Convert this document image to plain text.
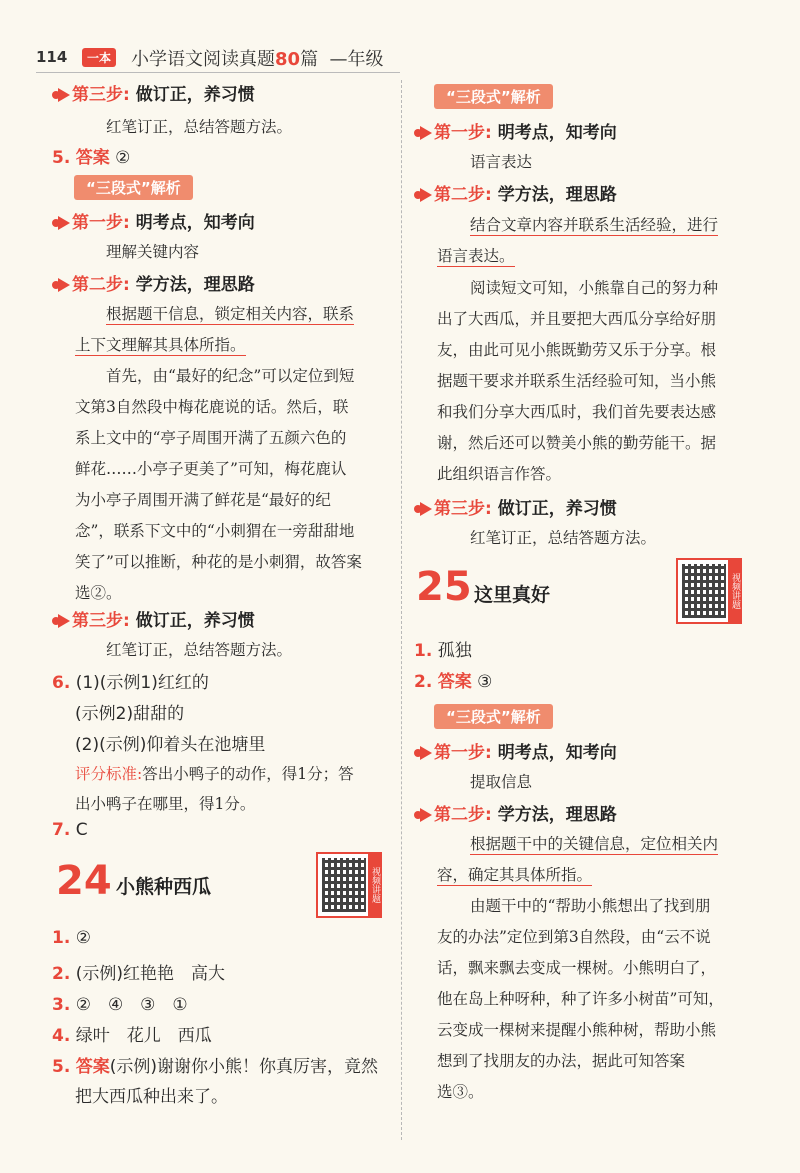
114	一本 小学语文阅读真题80篇 —年级
第三步: 做订正，养习惯
红笔订正，总结答题方法。
5. 答案 ②
“三段式”解析
第一步: 明考点，知考向
理解关键内容
第二步: 学方法，理思路
根据题干信息，锁定相关内容，联系
上下文理解其具体所指。
首先，由“最好的纪念”可以定位到短
文第3自然段中梅花鹿说的话。然后，联
系上文中的“亭子周围开满了五颜六色的
鲜花……小亭子更美了”可知，梅花鹿认
为小亭子周围开满了鲜花是“最好的纪
念”，联系下文中的“小刺猬在一旁甜甜地
笑了”可以推断，种花的是小刺猬，故答案
选②。
第三步: 做订正，养习惯
红笔订正，总结答题方法。
6. (1)(示例1)红红的
(示例2)甜甜的
(2)(示例)仰着头在池塘里
评分标准:答出小鸭子的动作，得1分；答
出小鸭子在哪里，得1分。
7. C
24 小熊种西瓜	视频讲题
1. ②
2. (示例)红艳艳　高大
3. ②　④　③　①
4. 绿叶　花儿　西瓜
5. 答案(示例)谢谢你小熊！你真厉害，竟然
把大西瓜种出来了。
“三段式”解析
第一步: 明考点，知考向
语言表达
第二步: 学方法，理思路
结合文章内容并联系生活经验，进行
语言表达。
阅读短文可知，小熊靠自己的努力种
出了大西瓜，并且要把大西瓜分享给好朋
友，由此可见小熊既勤劳又乐于分享。根
据题干要求并联系生活经验可知，当小熊
和我们分享大西瓜时，我们首先要表达感
谢，然后还可以赞美小熊的勤劳能干。据
此组织语言作答。
第三步: 做订正，养习惯
红笔订正，总结答题方法。
25 这里真好	视频讲题
1. 孤独
2. 答案 ③
“三段式”解析
第一步: 明考点，知考向
提取信息
第二步: 学方法，理思路
根据题干中的关键信息，定位相关内
容，确定其具体所指。
由题干中的“帮助小熊想出了找到朋
友的办法”定位到第3自然段，由“云不说
话，飘来飘去变成一棵树。小熊明白了，
他在岛上种呀种，种了许多小树苗”可知，
云变成一棵树来提醒小熊种树，帮助小熊
想到了找朋友的办法，据此可知答案
选③。
